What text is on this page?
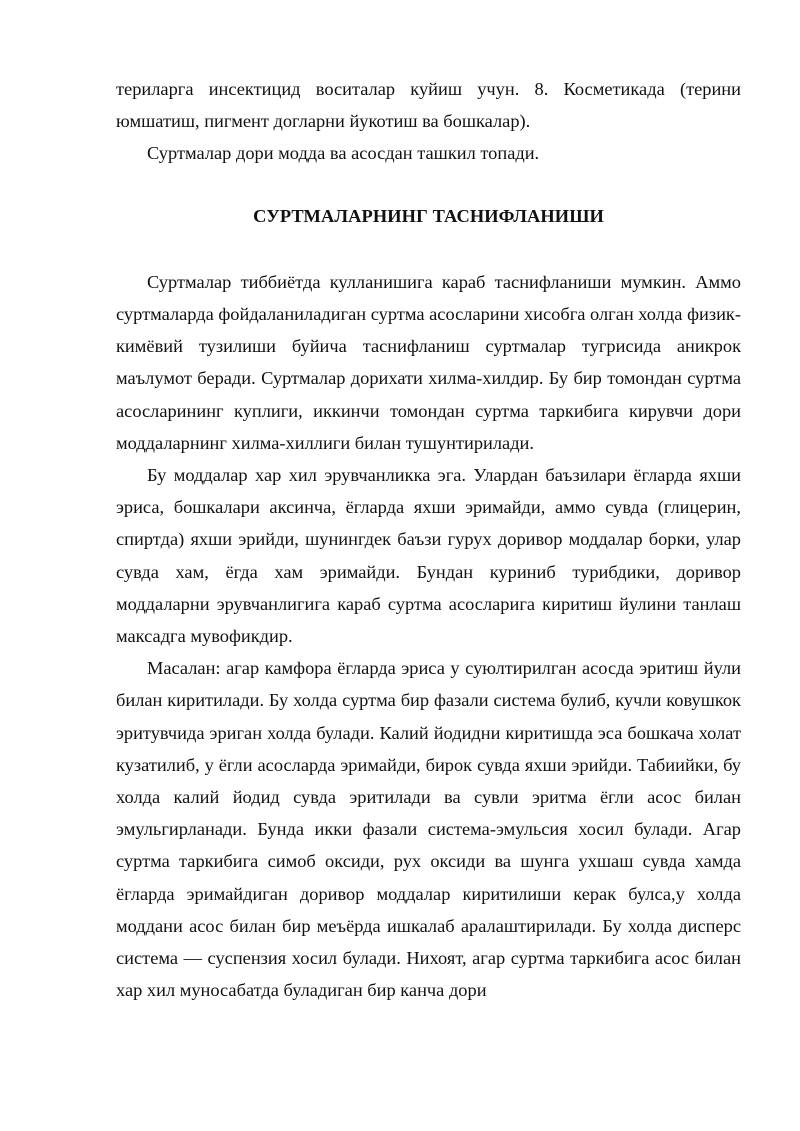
териларга инсектицид воситалар куйиш учун. 8. Косметикада (терини юмшатиш, пигмент догларни йукотиш ва бошкалар).

Суртмалар дори модда ва асосдан ташкил топади.

СУРТМАЛАРНИНГ ТАСНИФЛАНИШИ

Суртмалар тиббиётда кулланишига караб таснифланиши мумкин. Аммо суртмаларда фойдаланиладиган суртма асосларини хисобга олган холда физик-кимёвий тузилиши буйича таснифланиш суртмалар тугрисида аникрок маълумот беради. Суртмалар дорихати хилма-хилдир. Бу бир томондан суртма асосларининг куплиги, иккинчи томондан суртма таркибига кирувчи дори моддаларнинг хилма-хиллиги билан тушунтирилади.

Бу моддалар хар хил эрувчанликка эга. Улардан баъзилари ёгларда яхши эриса, бошкалари аксинча, ёгларда яхши эримайди, аммо сувда (глицерин, спиртда) яхши эрийди, шунингдек баъзи гурух доривор моддалар борки, улар сувда хам, ёгда хам эримайди. Бундан куриниб турибдики, доривор моддаларни эрувчанлигига караб суртма асосларига киритиш йулини танлаш максадга мувофикдир.

Масалан: агар камфора ёгларда эриса у суюлтирилган асосда эритиш йули билан киритилади. Бу холда суртма бир фазали система булиб, кучли ковушкок эритувчида эриган холда булади. Калий йодидни киритишда эса бошкача холат кузатилиб, у ёгли асосларда эримайди, бирок сувда яхши эрийди. Табиийки, бу холда калий йодид сувда эритилади ва сувли эритма ёгли асос билан эмульгирланади. Бунда икки фазали система-эмульсия хосил булади. Агар суртма таркибига симоб оксиди, рух оксиди ва шунга ухшаш сувда хамда ёгларда эримайдиган доривор моддалар киритилиши керак булса,у холда моддани асос билан бир меъёрда ишкалаб аралаштирилади. Бу холда дисперс система — суспензия хосил булади. Нихоят, агар суртма таркибига асос билан хар хил муносабатда буладиган бир канча дори
